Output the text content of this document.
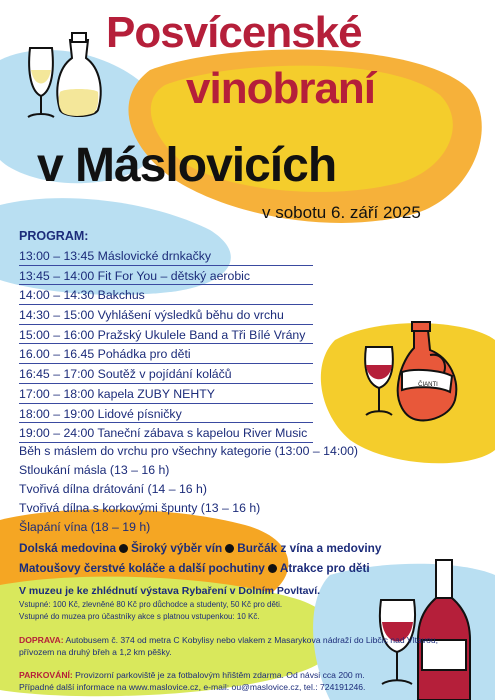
ČIANTI
Posvícenské
vinobraní
v Máslovicích
v sobotu 6. září 2025
PROGRAM:
13:00 – 13:45 Máslovické drnkačky
13:45 – 14:00 Fit For You – dětský aerobic
14:00 – 14:30 Bakchus
14:30 – 15:00 Vyhlášení výsledků běhu do vrchu
15:00 – 16:00 Pražský Ukulele Band a Tři Bílé Vrány
16.00 – 16.45 Pohádka pro děti
16:45 – 17:00 Soutěž v pojídání koláčů
17:00 – 18:00 kapela ZUBY NEHTY
18:00 – 19:00 Lidové písničky
19:00 – 24:00 Taneční zábava s kapelou River Music
Běh s máslem do vrchu pro všechny kategorie (13:00 – 14:00)
Stloukání másla (13 – 16 h)
Tvořivá dílna drátování (14 – 16 h)
Tvořivá dílna s korkovými špunty (13 – 16 h)
Šlapání vína (18 – 19 h)
Dolská medovina Široký výběr vín Burčák z vína a medoviny
Matoušovy čerstvé koláče a další pochutiny Atrakce pro děti
V muzeu je ke zhlédnutí výstava Rybaření v Dolním Povltaví.
Vstupné: 100 Kč, zlevněné 80 Kč pro důchodce a studenty, 50 Kč pro děti.
Vstupné do muzea pro účastníky akce s platnou vstupenkou: 10 Kč.
DOPRAVA: Autobusem č. 374 od metra C Kobylisy nebo vlakem z Masarykova nádraží do Libčic nad Vltavou,
přívozem na druhý břeh a 1,2 km pěšky.
PARKOVÁNÍ: Provizorní parkoviště je za fotbalovým hřištěm zdarma. Od návsi cca 200 m.
Případné další informace na www.maslovice.cz, e-mail: ou@maslovice.cz, tel.: 724191246.
